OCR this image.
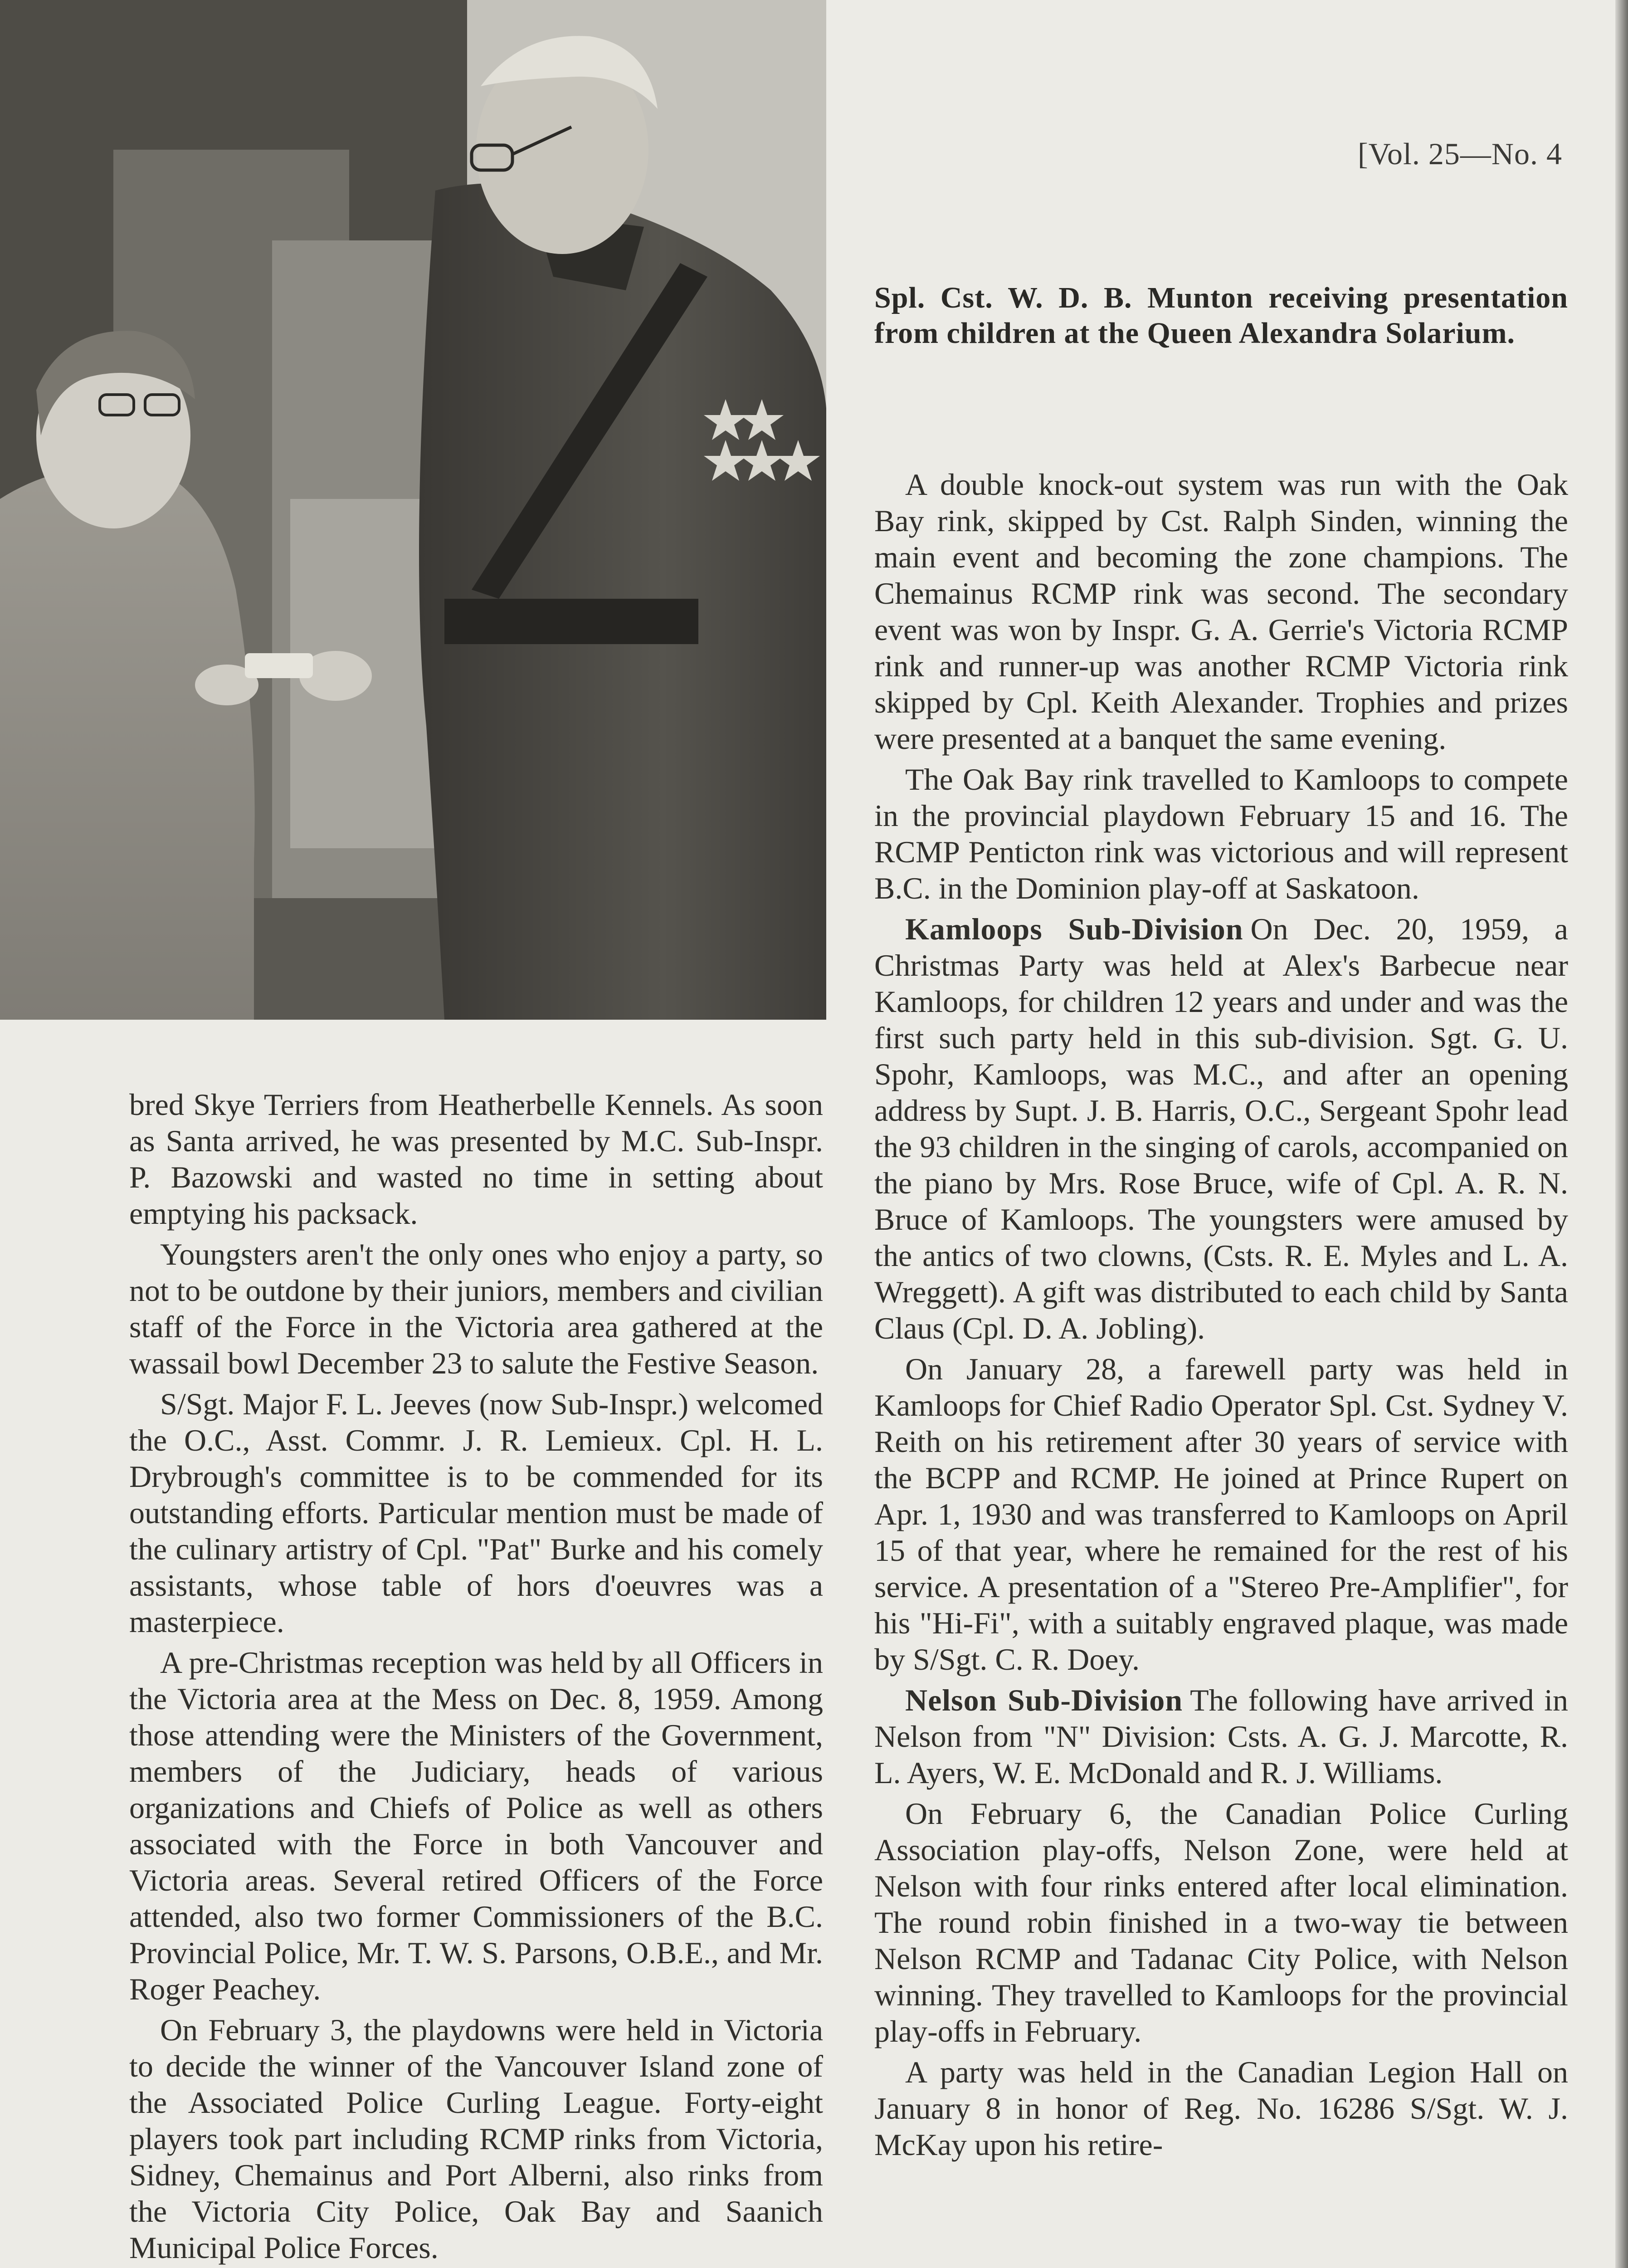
[Vol. 25—No. 4
Spl. Cst. W. D. B. Munton receiving presentation from children at the Queen Alexandra Solarium.

bred Skye Terriers from Heatherbelle Kennels. As soon as Santa arrived, he was presented by M.C. Sub-Inspr. P. Bazowski and wasted no time in setting about emptying his packsack.

Youngsters aren't the only ones who enjoy a party, so not to be outdone by their juniors, members and civilian staff of the Force in the Victoria area gathered at the wassail bowl December 23 to salute the Festive Season.

S/Sgt. Major F. L. Jeeves (now Sub-Inspr.) welcomed the O.C., Asst. Commr. J. R. Lemieux. Cpl. H. L. Drybrough's committee is to be commended for its outstanding efforts. Particular mention must be made of the culinary artistry of Cpl. "Pat" Burke and his comely assistants, whose table of hors d'oeuvres was a masterpiece.

A pre-Christmas reception was held by all Officers in the Victoria area at the Mess on Dec. 8, 1959. Among those attending were the Ministers of the Government, members of the Judiciary, heads of various organizations and Chiefs of Police as well as others associated with the Force in both Vancouver and Victoria areas. Several retired Officers of the Force attended, also two former Commissioners of the B.C. Provincial Police, Mr. T. W. S. Parsons, O.B.E., and Mr. Roger Peachey.

On February 3, the playdowns were held in Victoria to decide the winner of the Vancouver Island zone of the Associated Police Curling League. Forty-eight players took part including RCMP rinks from Victoria, Sidney, Chemainus and Port Alberni, also rinks from the Victoria City Police, Oak Bay and Saanich Municipal Police Forces.

A double knock-out system was run with the Oak Bay rink, skipped by Cst. Ralph Sinden, winning the main event and becoming the zone champions. The Chemainus RCMP rink was second. The secondary event was won by Inspr. G. A. Gerrie's Victoria RCMP rink and runner-up was another RCMP Victoria rink skipped by Cpl. Keith Alexander. Trophies and prizes were presented at a banquet the same evening.

The Oak Bay rink travelled to Kamloops to compete in the provincial playdown February 15 and 16. The RCMP Penticton rink was victorious and will represent B.C. in the Dominion play-off at Saskatoon.

Kamloops Sub-Division On Dec. 20, 1959, a Christmas Party was held at Alex's Barbecue near Kamloops, for children 12 years and under and was the first such party held in this sub-division. Sgt. G. U. Spohr, Kamloops, was M.C., and after an opening address by Supt. J. B. Harris, O.C., Sergeant Spohr lead the 93 children in the singing of carols, accompanied on the piano by Mrs. Rose Bruce, wife of Cpl. A. R. N. Bruce of Kamloops. The youngsters were amused by the antics of two clowns, (Csts. R. E. Myles and L. A. Wreggett). A gift was distributed to each child by Santa Claus (Cpl. D. A. Jobling).

On January 28, a farewell party was held in Kamloops for Chief Radio Operator Spl. Cst. Sydney V. Reith on his retirement after 30 years of service with the BCPP and RCMP. He joined at Prince Rupert on Apr. 1, 1930 and was transferred to Kamloops on April 15 of that year, where he remained for the rest of his service. A presentation of a "Stereo Pre-Amplifier", for his "Hi-Fi", with a suitably engraved plaque, was made by S/Sgt. C. R. Doey.

Nelson Sub-Division The following have arrived in Nelson from "N" Division: Csts. A. G. J. Marcotte, R. L. Ayers, W. E. McDonald and R. J. Williams.

On February 6, the Canadian Police Curling Association play-offs, Nelson Zone, were held at Nelson with four rinks entered after local elimination. The round robin finished in a two-way tie between Nelson RCMP and Tadanac City Police, with Nelson winning. They travelled to Kamloops for the provincial play-offs in February.

A party was held in the Canadian Legion Hall on January 8 in honor of Reg. No. 16286 S/Sgt. W. J. McKay upon his retire-
